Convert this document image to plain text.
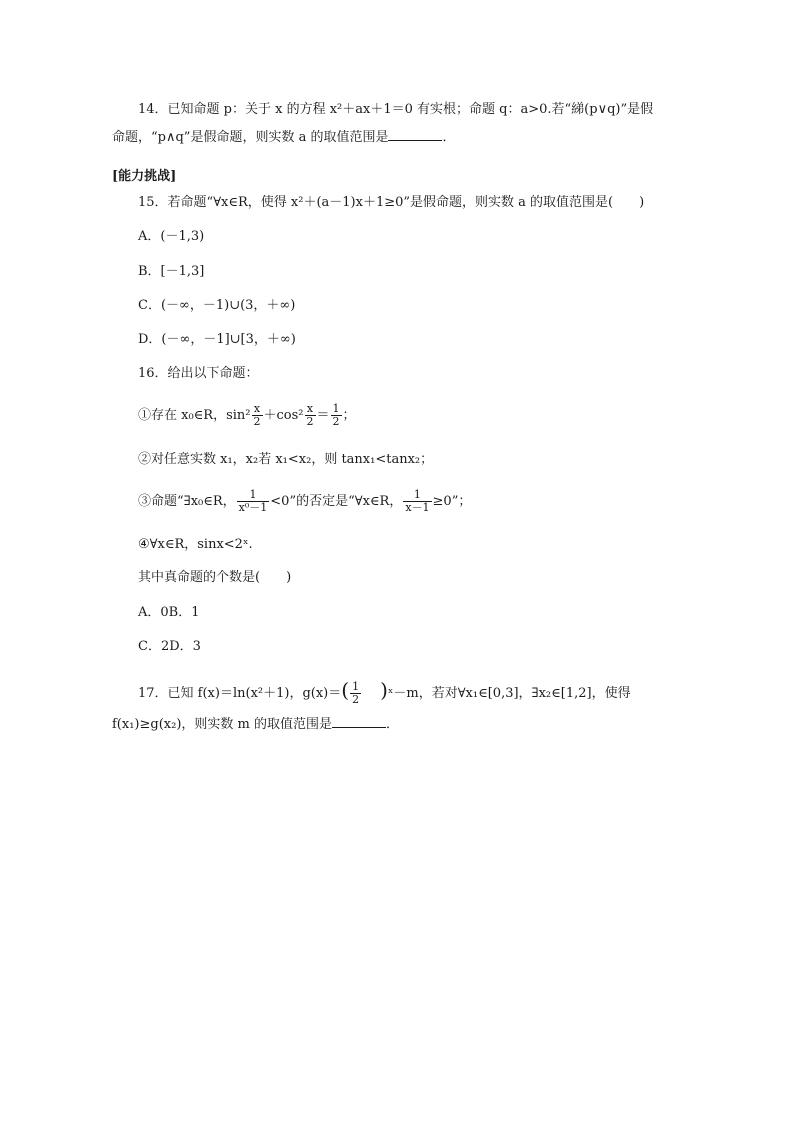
14．已知命题 p：关于 x 的方程 x²＋ax＋1＝0 有实根；命题 q：a>0.若“綈(p∨q)”是假
命题，“p∧q”是假命题，则实数 a 的取值范围是	．
[能力挑战]
15．若命题“∀x∈R，使得 x²＋(a－1)x＋1≥0”是假命题，则实数 a 的取值范围是(　　)
A．(－1,3)
B．[－1,3]
C．(－∞，－1)∪(3，＋∞)
D．(－∞，－1]∪[3，＋∞)
16．给出以下命题：
①存在 x₀∈R，$\sin^2 \frac{x}{2} +\cos^2 \frac{x}{2} = \frac{1}{2}$ ；
②对任意实数 x₁，x₂若 x₁<x₂，则 tanx₁<tanx₂；
③命题“∃x₀∈R， $\frac{1}{\text{x⁰－1}} <0$”的否定是“∀x∈R， $\frac{1}{x-1} \ge 0$”；
④∀x∈R，sinx<2ˣ.
其中真命题的个数是(　　)
A．0B．1
C．2D．3
17．已知 f(x)＝ln(x²＋1)，$g(x)=( \frac{1}{2}$ )ˣ－m，若对∀x₁∈[0,3]，∃x₂∈[1,2]，使得
f(x₁)≥g(x₂)，则实数 m 的取值范围是	．
